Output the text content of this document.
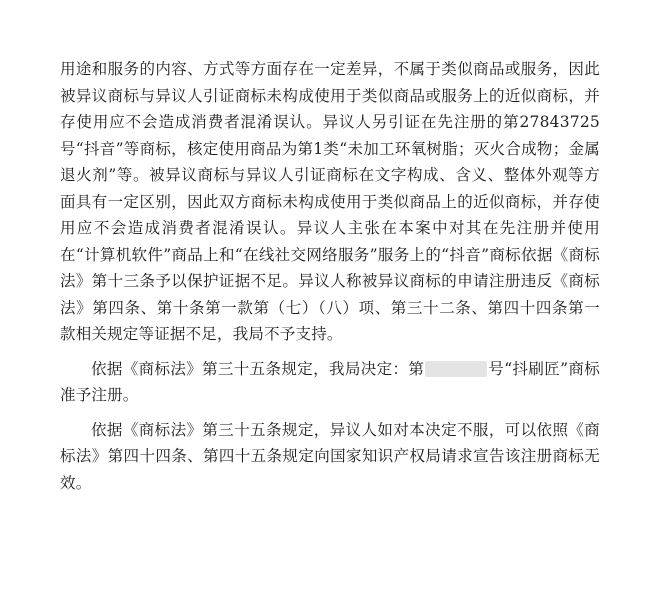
用途和服务的内容、方式等方面存在一定差异，不属于类似商品或服务，因此被异议商标与异议人引证商标未构成使用于类似商品或服务上的近似商标，并存使用应不会造成消费者混淆误认。异议人另引证在先注册的第27843725号“抖音”等商标，核定使用商品为第1类“未加工环氧树脂；灭火合成物；金属退火剂”等。被异议商标与异议人引证商标在文字构成、含义、整体外观等方面具有一定区别，因此双方商标未构成使用于类似商品上的近似商标，并存使用应不会造成消费者混淆误认。异议人主张在本案中对其在先注册并使用在“计算机软件”商品上和“在线社交网络服务”服务上的“抖音”商标依据《商标法》第十三条予以保护证据不足。异议人称被异议商标的申请注册违反《商标法》第四条、第十条第一款第（七）（八）项、第三十二条、第四十四条第一款相关规定等证据不足，我局不予支持。

依据《商标法》第三十五条规定，我局决定：第	号“抖刷匠”商标准予注册。

依据《商标法》第三十五条规定，异议人如对本决定不服，可以依照《商标法》第四十四条、第四十五条规定向国家知识产权局请求宣告该注册商标无效。
